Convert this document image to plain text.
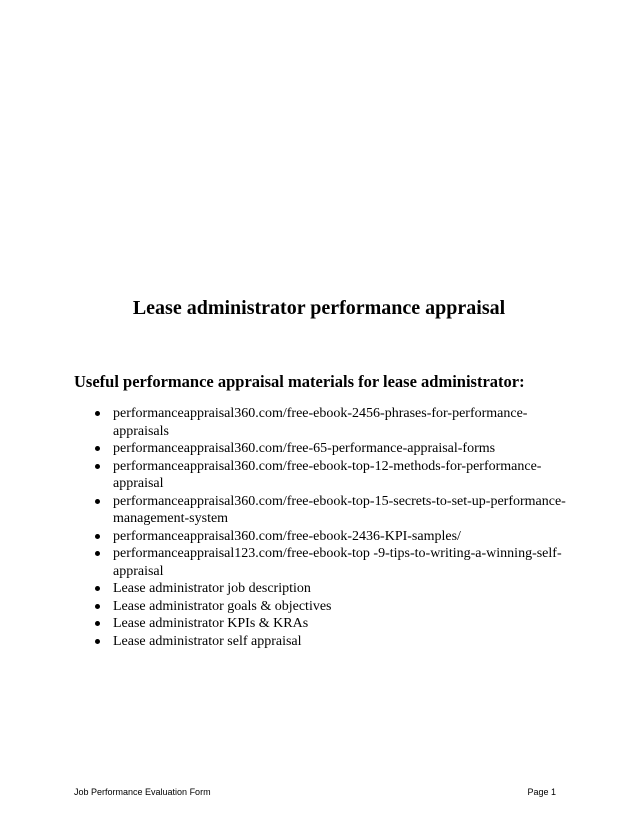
Lease administrator performance appraisal
Useful performance appraisal materials for lease administrator:
performanceappraisal360.com/free-ebook-2456-phrases-for-performance-appraisals
performanceappraisal360.com/free-65-performance-appraisal-forms
performanceappraisal360.com/free-ebook-top-12-methods-for-performance-appraisal
performanceappraisal360.com/free-ebook-top-15-secrets-to-set-up-performance-management-system
performanceappraisal360.com/free-ebook-2436-KPI-samples/
performanceappraisal123.com/free-ebook-top -9-tips-to-writing-a-winning-self-appraisal
Lease administrator job description
Lease administrator goals & objectives
Lease administrator KPIs & KRAs
Lease administrator self appraisal
Job Performance Evaluation Form	Page 1
